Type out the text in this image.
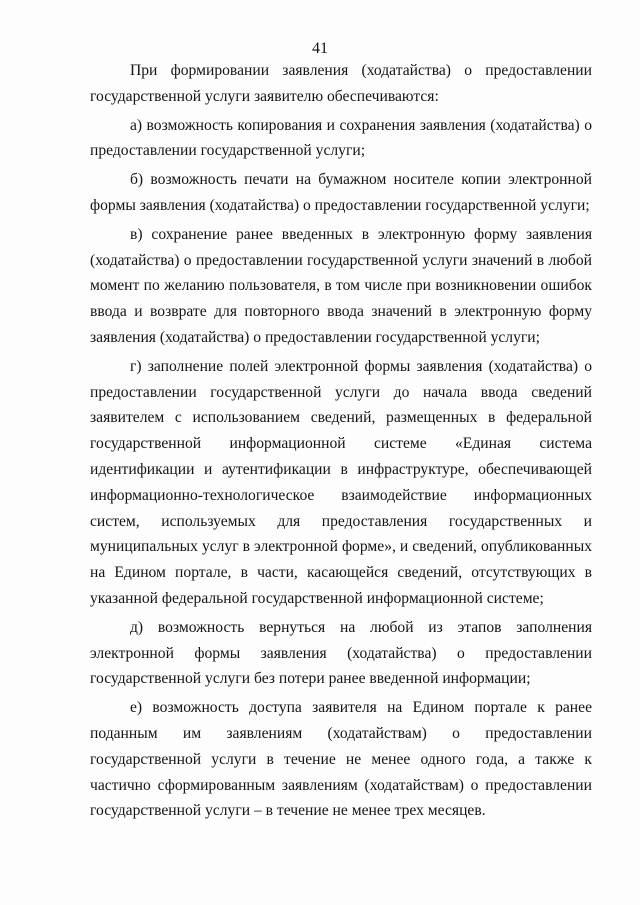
41

При формировании заявления (ходатайства) о предоставлении государственной услуги заявителю обеспечиваются:

а) возможность копирования и сохранения заявления (ходатайства) о предоставлении государственной услуги;

б) возможность печати на бумажном носителе копии электронной формы заявления (ходатайства) о предоставлении государственной услуги;

в) сохранение ранее введенных в электронную форму заявления (ходатайства) о предоставлении государственной услуги значений в любой момент по желанию пользователя, в том числе при возникновении ошибок ввода и возврате для повторного ввода значений в электронную форму заявления (ходатайства) о предоставлении государственной услуги;

г) заполнение полей электронной формы заявления (ходатайства) о предоставлении государственной услуги до начала ввода сведений заявителем с использованием сведений, размещенных в федеральной государственной информационной системе «Единая система идентификации и аутентификации в инфраструктуре, обеспечивающей информационно-технологическое взаимодействие информационных систем, используемых для предоставления государственных и муниципальных услуг в электронной форме», и сведений, опубликованных на Едином портале, в части, касающейся сведений, отсутствующих в указанной федеральной государственной информационной системе;

д) возможность вернуться на любой из этапов заполнения электронной формы заявления (ходатайства) о предоставлении государственной услуги без потери ранее введенной информации;

е) возможность доступа заявителя на Едином портале к ранее поданным им заявлениям (ходатайствам) о предоставлении государственной услуги в течение не менее одного года, а также к частично сформированным заявлениям (ходатайствам) о предоставлении государственной услуги – в течение не менее трех месяцев.
